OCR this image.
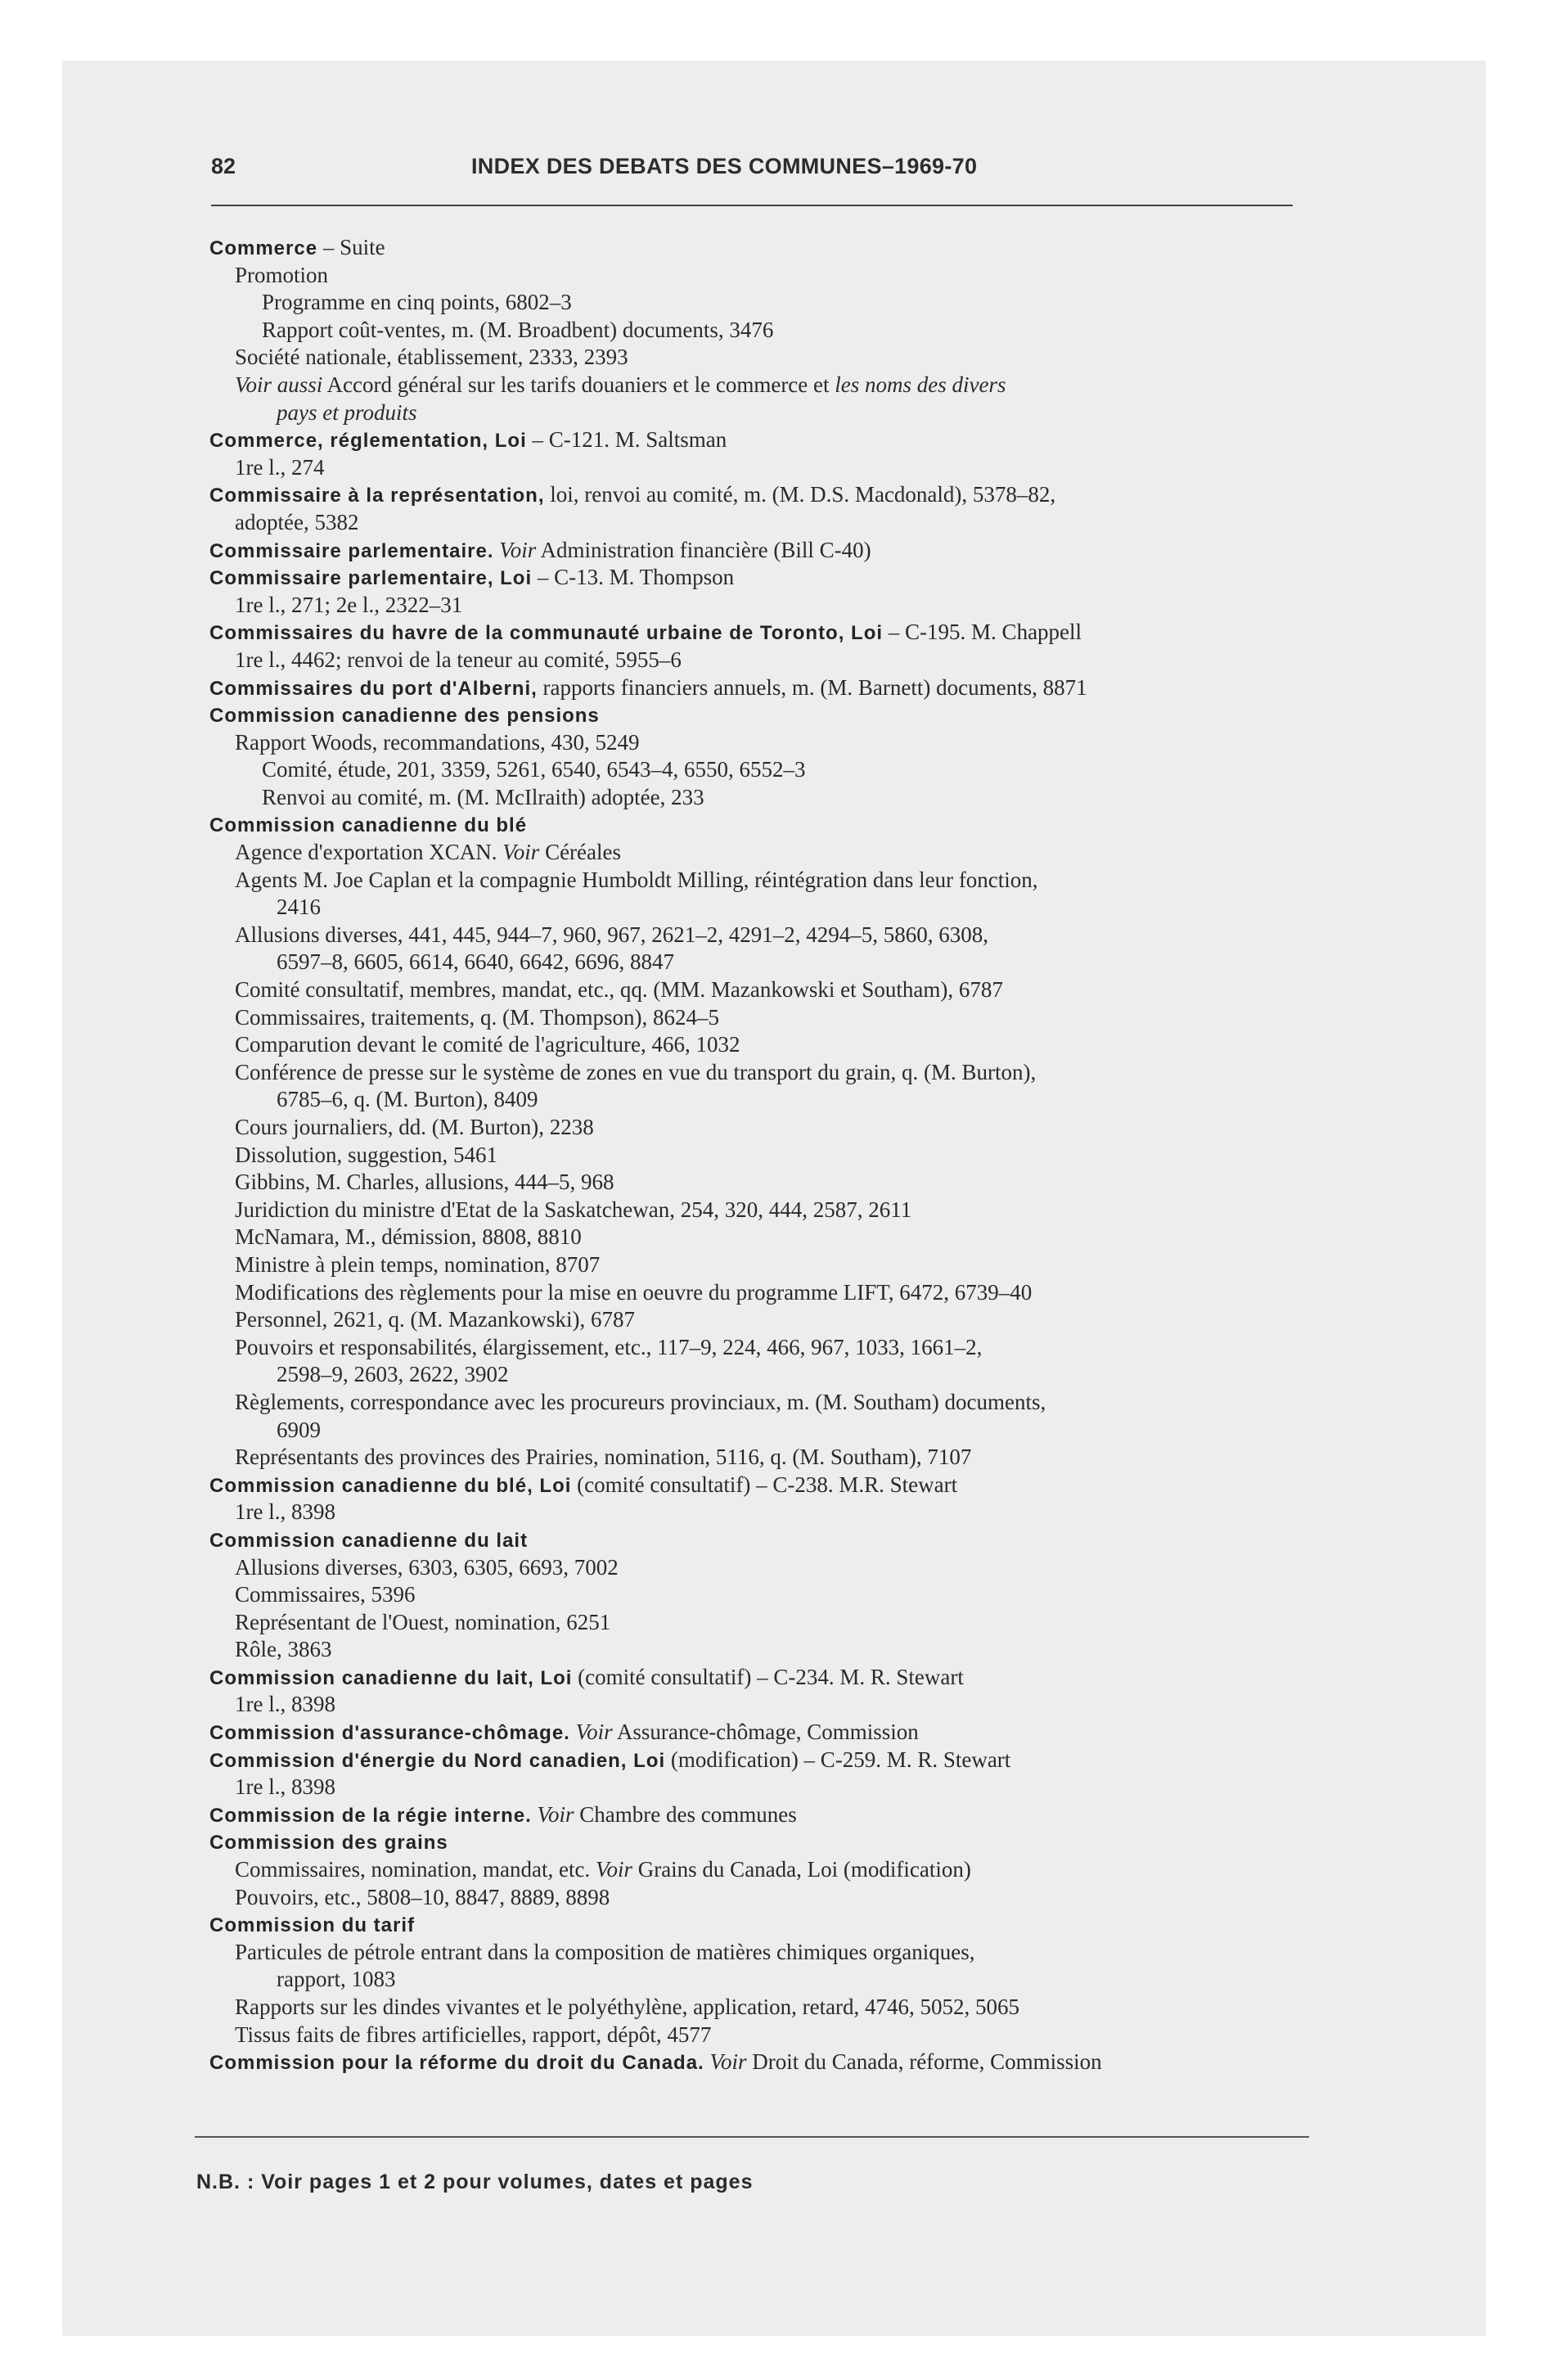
82	INDEX DES DEBATS DES COMMUNES–1969-70
Commerce – Suite
Promotion
Programme en cinq points, 6802–3
Rapport coût-ventes, m. (M. Broadbent) documents, 3476
Société nationale, établissement, 2333, 2393
Voir aussi Accord général sur les tarifs douaniers et le commerce et les noms des divers
pays et produits
Commerce, réglementation, Loi – C-121. M. Saltsman
1re l., 274
Commissaire à la représentation, loi, renvoi au comité, m. (M. D.S. Macdonald), 5378–82,
adoptée, 5382
Commissaire parlementaire. Voir Administration financière (Bill C-40)
Commissaire parlementaire, Loi – C-13. M. Thompson
1re l., 271; 2e l., 2322–31
Commissaires du havre de la communauté urbaine de Toronto, Loi – C-195. M. Chappell
1re l., 4462; renvoi de la teneur au comité, 5955–6
Commissaires du port d'Alberni, rapports financiers annuels, m. (M. Barnett) documents, 8871
Commission canadienne des pensions
Rapport Woods, recommandations, 430, 5249
Comité, étude, 201, 3359, 5261, 6540, 6543–4, 6550, 6552–3
Renvoi au comité, m. (M. McIlraith) adoptée, 233
Commission canadienne du blé
Agence d'exportation XCAN. Voir Céréales
Agents M. Joe Caplan et la compagnie Humboldt Milling, réintégration dans leur fonction,
2416
Allusions diverses, 441, 445, 944–7, 960, 967, 2621–2, 4291–2, 4294–5, 5860, 6308,
6597–8, 6605, 6614, 6640, 6642, 6696, 8847
Comité consultatif, membres, mandat, etc., qq. (MM. Mazankowski et Southam), 6787
Commissaires, traitements, q. (M. Thompson), 8624–5
Comparution devant le comité de l'agriculture, 466, 1032
Conférence de presse sur le système de zones en vue du transport du grain, q. (M. Burton),
6785–6, q. (M. Burton), 8409
Cours journaliers, dd. (M. Burton), 2238
Dissolution, suggestion, 5461
Gibbins, M. Charles, allusions, 444–5, 968
Juridiction du ministre d'Etat de la Saskatchewan, 254, 320, 444, 2587, 2611
McNamara, M., démission, 8808, 8810
Ministre à plein temps, nomination, 8707
Modifications des règlements pour la mise en oeuvre du programme LIFT, 6472, 6739–40
Personnel, 2621, q. (M. Mazankowski), 6787
Pouvoirs et responsabilités, élargissement, etc., 117–9, 224, 466, 967, 1033, 1661–2,
2598–9, 2603, 2622, 3902
Règlements, correspondance avec les procureurs provinciaux, m. (M. Southam) documents,
6909
Représentants des provinces des Prairies, nomination, 5116, q. (M. Southam), 7107
Commission canadienne du blé, Loi (comité consultatif) – C-238. M.R. Stewart
1re l., 8398
Commission canadienne du lait
Allusions diverses, 6303, 6305, 6693, 7002
Commissaires, 5396
Représentant de l'Ouest, nomination, 6251
Rôle, 3863
Commission canadienne du lait, Loi (comité consultatif) – C-234. M. R. Stewart
1re l., 8398
Commission d'assurance-chômage. Voir Assurance-chômage, Commission
Commission d'énergie du Nord canadien, Loi (modification) – C-259. M. R. Stewart
1re l., 8398
Commission de la régie interne. Voir Chambre des communes
Commission des grains
Commissaires, nomination, mandat, etc. Voir Grains du Canada, Loi (modification)
Pouvoirs, etc., 5808–10, 8847, 8889, 8898
Commission du tarif
Particules de pétrole entrant dans la composition de matières chimiques organiques,
rapport, 1083
Rapports sur les dindes vivantes et le polyéthylène, application, retard, 4746, 5052, 5065
Tissus faits de fibres artificielles, rapport, dépôt, 4577
Commission pour la réforme du droit du Canada. Voir Droit du Canada, réforme, Commission
N.B. : Voir pages 1 et 2 pour volumes, dates et pages
